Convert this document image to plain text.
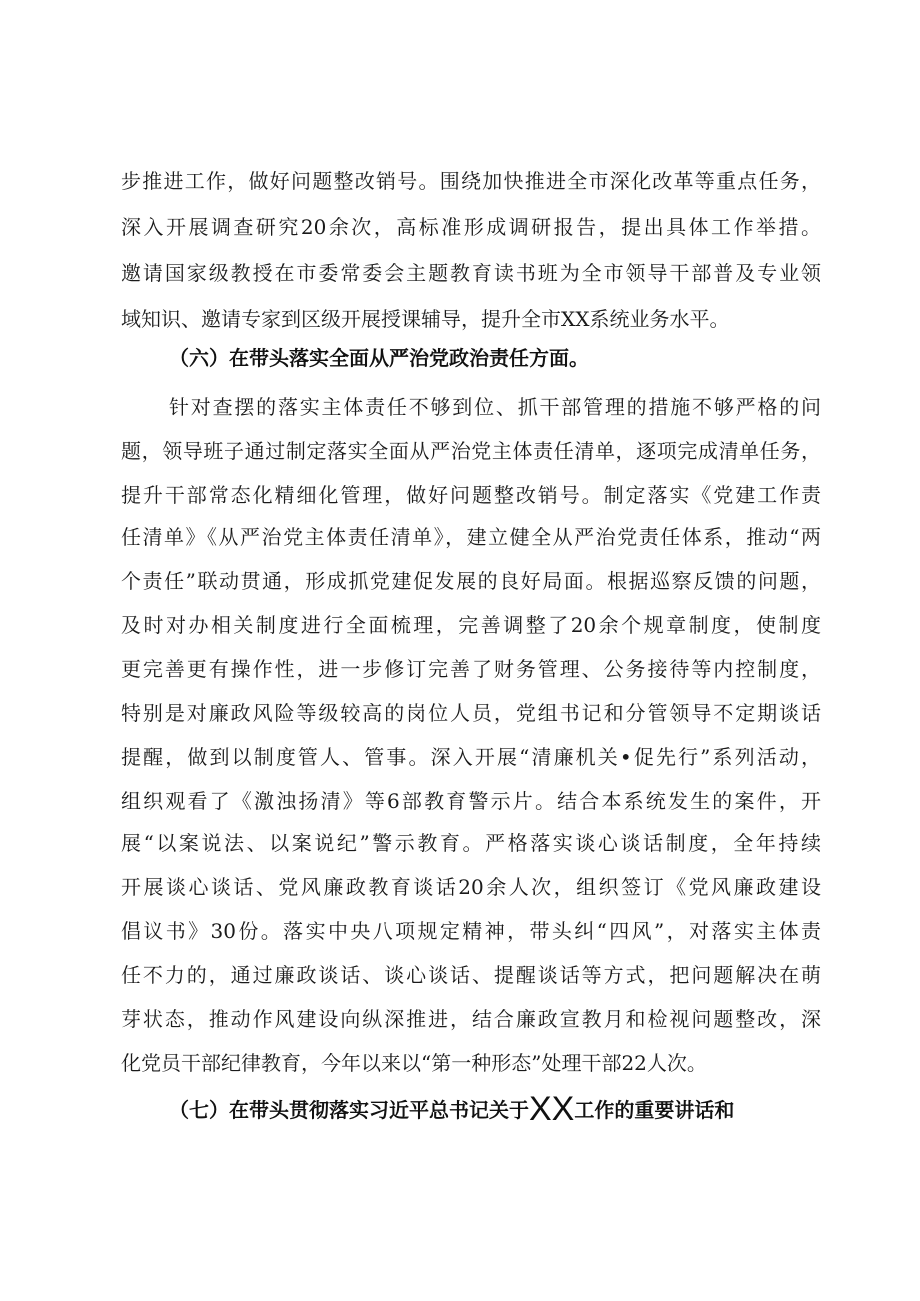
步推进工作，做好问题整改销号。围绕加快推进全市深化改革等重点任务，
深入开展调查研究20余次，高标准形成调研报告，提出具体工作举措。
邀请国家级教授在市委常委会主题教育读书班为全市领导干部普及专业领
域知识、邀请专家到区级开展授课辅导，提升全市XX系统业务水平。
（六）在带头落实全面从严治党政治责任方面。
针对查摆的落实主体责任不够到位、抓干部管理的措施不够严格的问
题，领导班子通过制定落实全面从严治党主体责任清单，逐项完成清单任务，
提升干部常态化精细化管理，做好问题整改销号。制定落实《党建工作责
任清单》《从严治党主体责任清单》，建立健全从严治党责任体系，推动“两
个责任”联动贯通，形成抓党建促发展的良好局面。根据巡察反馈的问题，
及时对办相关制度进行全面梳理，完善调整了20余个规章制度，使制度
更完善更有操作性，进一步修订完善了财务管理、公务接待等内控制度，
特别是对廉政风险等级较高的岗位人员，党组书记和分管领导不定期谈话
提醒，做到以制度管人、管事。深入开展“清廉机关•促先行”系列活动，
组织观看了《激浊扬清》等6部教育警示片。结合本系统发生的案件，开
展“以案说法、以案说纪”警示教育。严格落实谈心谈话制度，全年持续
开展谈心谈话、党风廉政教育谈话20余人次，组织签订《党风廉政建设
倡议书》30份。落实中央八项规定精神，带头纠“四风”，对落实主体责
任不力的，通过廉政谈话、谈心谈话、提醒谈话等方式，把问题解决在萌
芽状态，推动作风建设向纵深推进，结合廉政宣教月和检视问题整改，深
化党员干部纪律教育，今年以来以“第一种形态”处理干部22人次。
（七）在带头贯彻落实习近平总书记关于XX工作的重要讲话和
